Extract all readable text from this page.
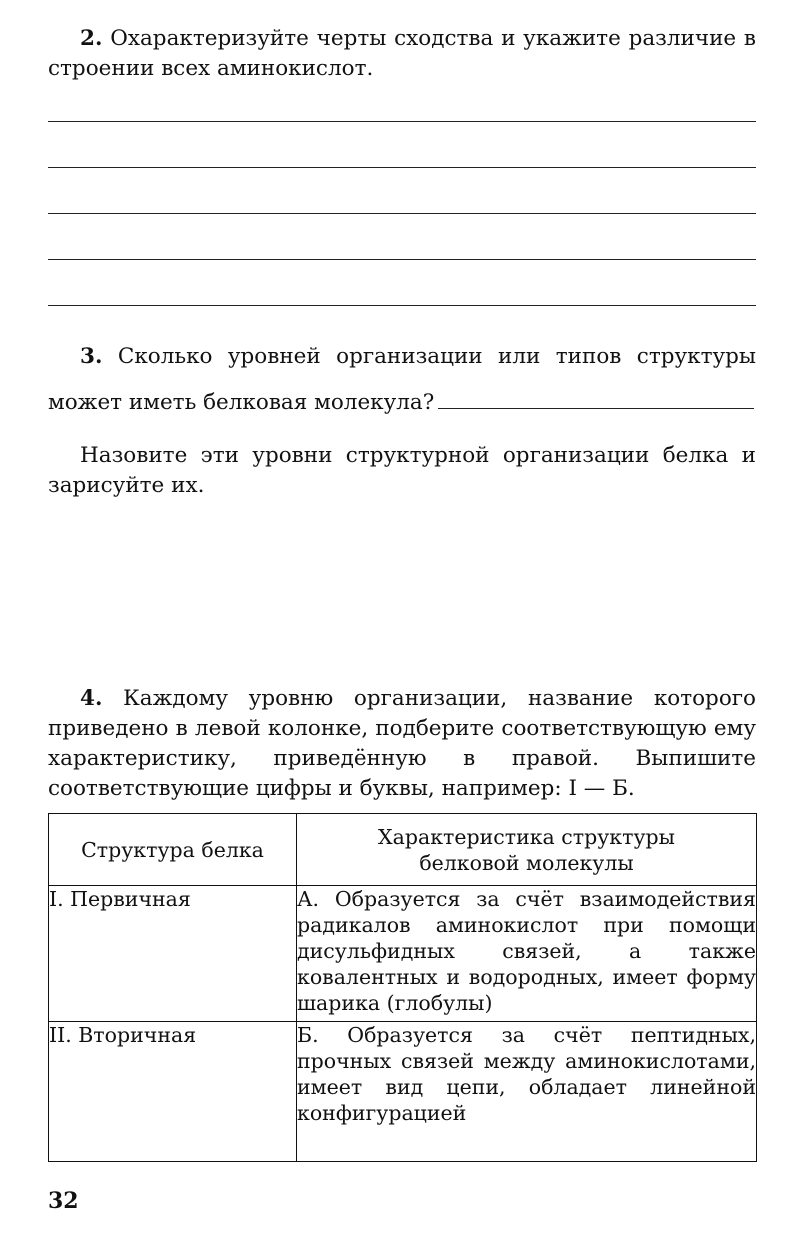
2. Охарактеризуйте черты сходства и укажите различие в строении всех аминокислот.

3. Сколько уровней организации или типов структуры

может иметь белковая молекула?

Назовите эти уровни структурной организации белка и зарисуйте их.

4. Каждому уровню организации, название которого приведено в левой колонке, подберите соответствующую ему характеристику, приведённую в правой. Выпишите соответствующие цифры и буквы, например: I — Б.

Структура белка	Характеристика структуры
белковой молекулы

I. Первичная	А. Образуется за счёт взаимодействия радикалов аминокислот при помощи дисульфидных связей, а также ковалентных и водородных, имеет форму шарика (глобулы)
II. Вторичная	Б. Образуется за счёт пептидных, прочных связей между аминокислотами, имеет вид цепи, обладает линейной конфигурацией
32
